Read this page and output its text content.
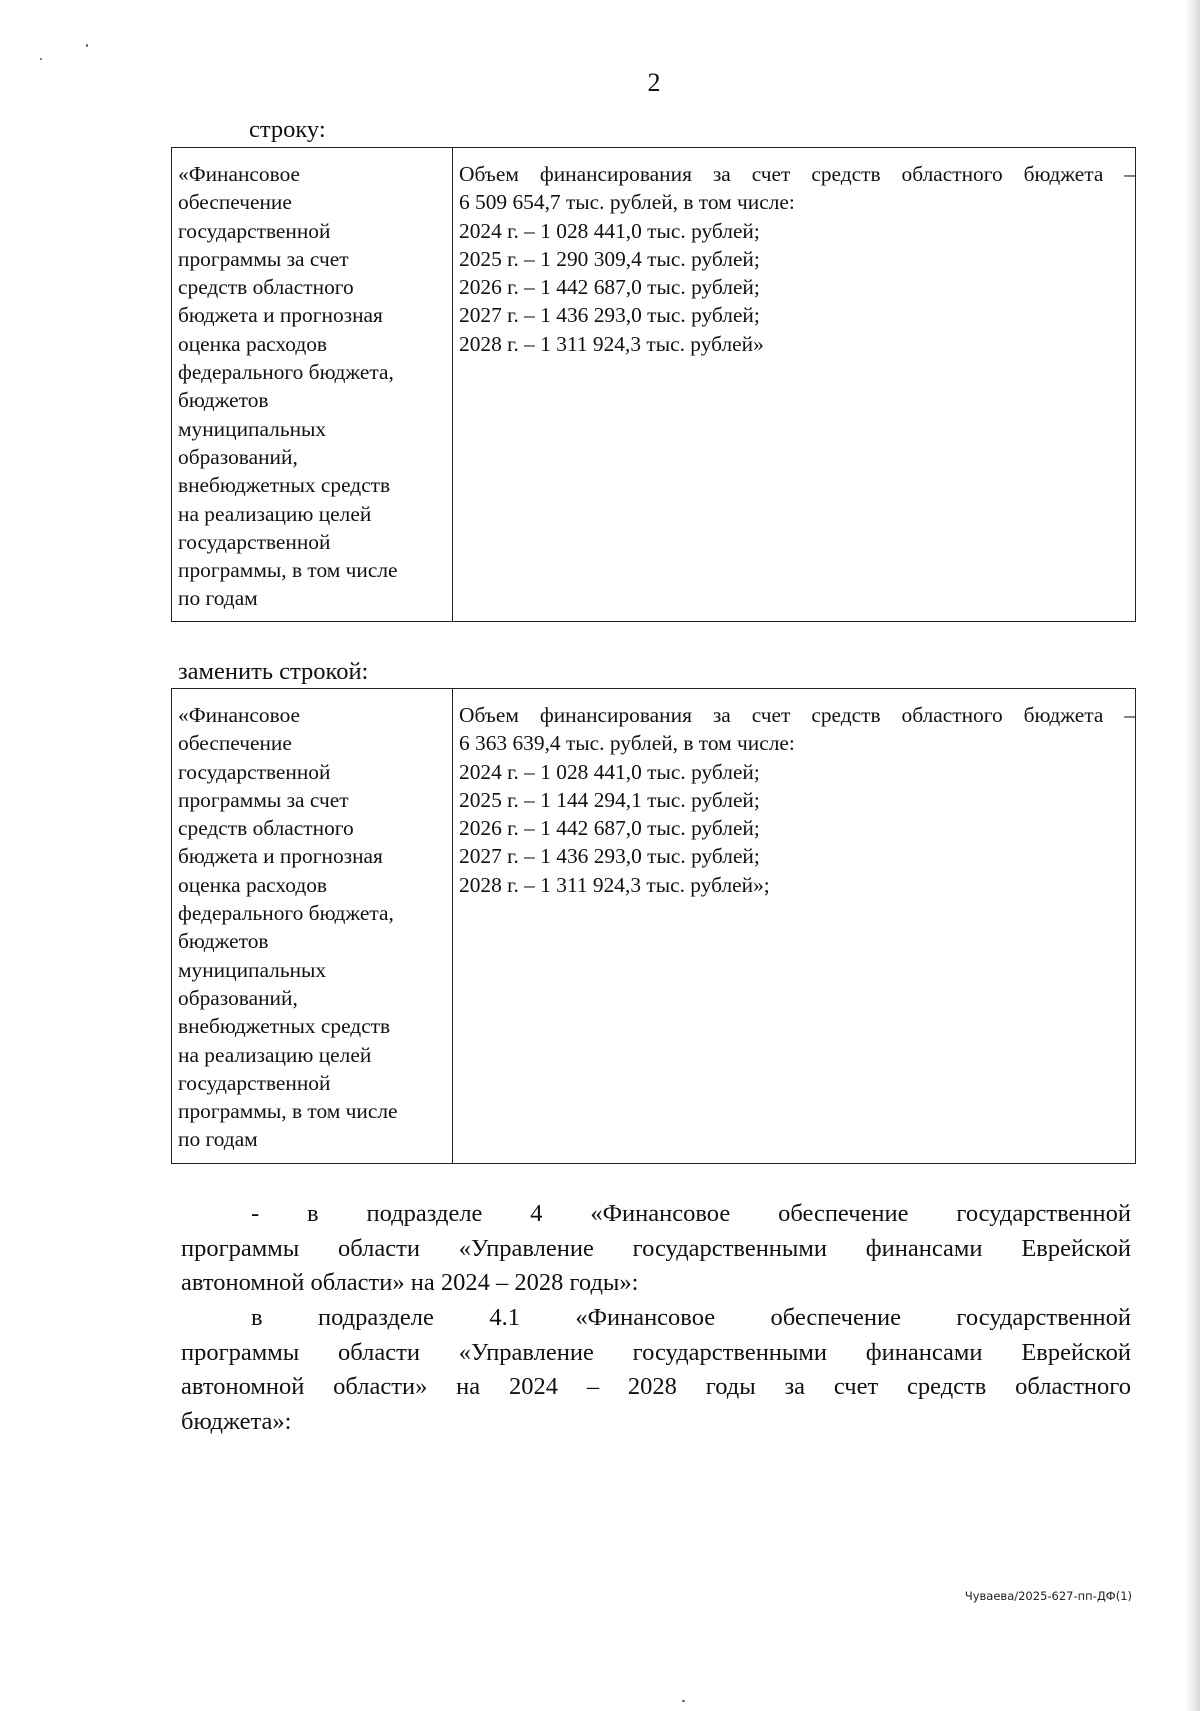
2
строку:
«Финансовое
обеспечение
государственной
программы за счет
средств областного
бюджета и прогнозная
оценка расходов
федерального бюджета,
бюджетов
муниципальных
образований,
внебюджетных средств
на реализацию целей
государственной
программы, в том числе
по годам
Объем финансирования за счет средств областного бюджета –
6 509 654,7 тыс. рублей, в том числе:
2024 г. – 1 028 441,0 тыс. рублей;
2025 г. – 1 290 309,4 тыс. рублей;
2026 г. – 1 442 687,0 тыс. рублей;
2027 г. – 1 436 293,0 тыс. рублей;
2028 г. – 1 311 924,3 тыс. рублей»
заменить строкой:
«Финансовое
обеспечение
государственной
программы за счет
средств областного
бюджета и прогнозная
оценка расходов
федерального бюджета,
бюджетов
муниципальных
образований,
внебюджетных средств
на реализацию целей
государственной
программы, в том числе
по годам
Объем финансирования за счет средств областного бюджета –
6 363 639,4 тыс. рублей, в том числе:
2024 г. – 1 028 441,0 тыс. рублей;
2025 г. – 1 144 294,1 тыс. рублей;
2026 г. – 1 442 687,0 тыс. рублей;
2027 г. – 1 436 293,0 тыс. рублей;
2028 г. – 1 311 924,3 тыс. рублей»;
- в подразделе 4 «Финансовое обеспечение государственной
программы области «Управление государственными финансами Еврейской
автономной области» на 2024 – 2028 годы»:
в подразделе 4.1 «Финансовое обеспечение государственной
программы области «Управление государственными финансами Еврейской
автономной области» на 2024 – 2028 годы за счет средств областного
бюджета»:
Чуваева/2025-627-пп-ДФ(1)
